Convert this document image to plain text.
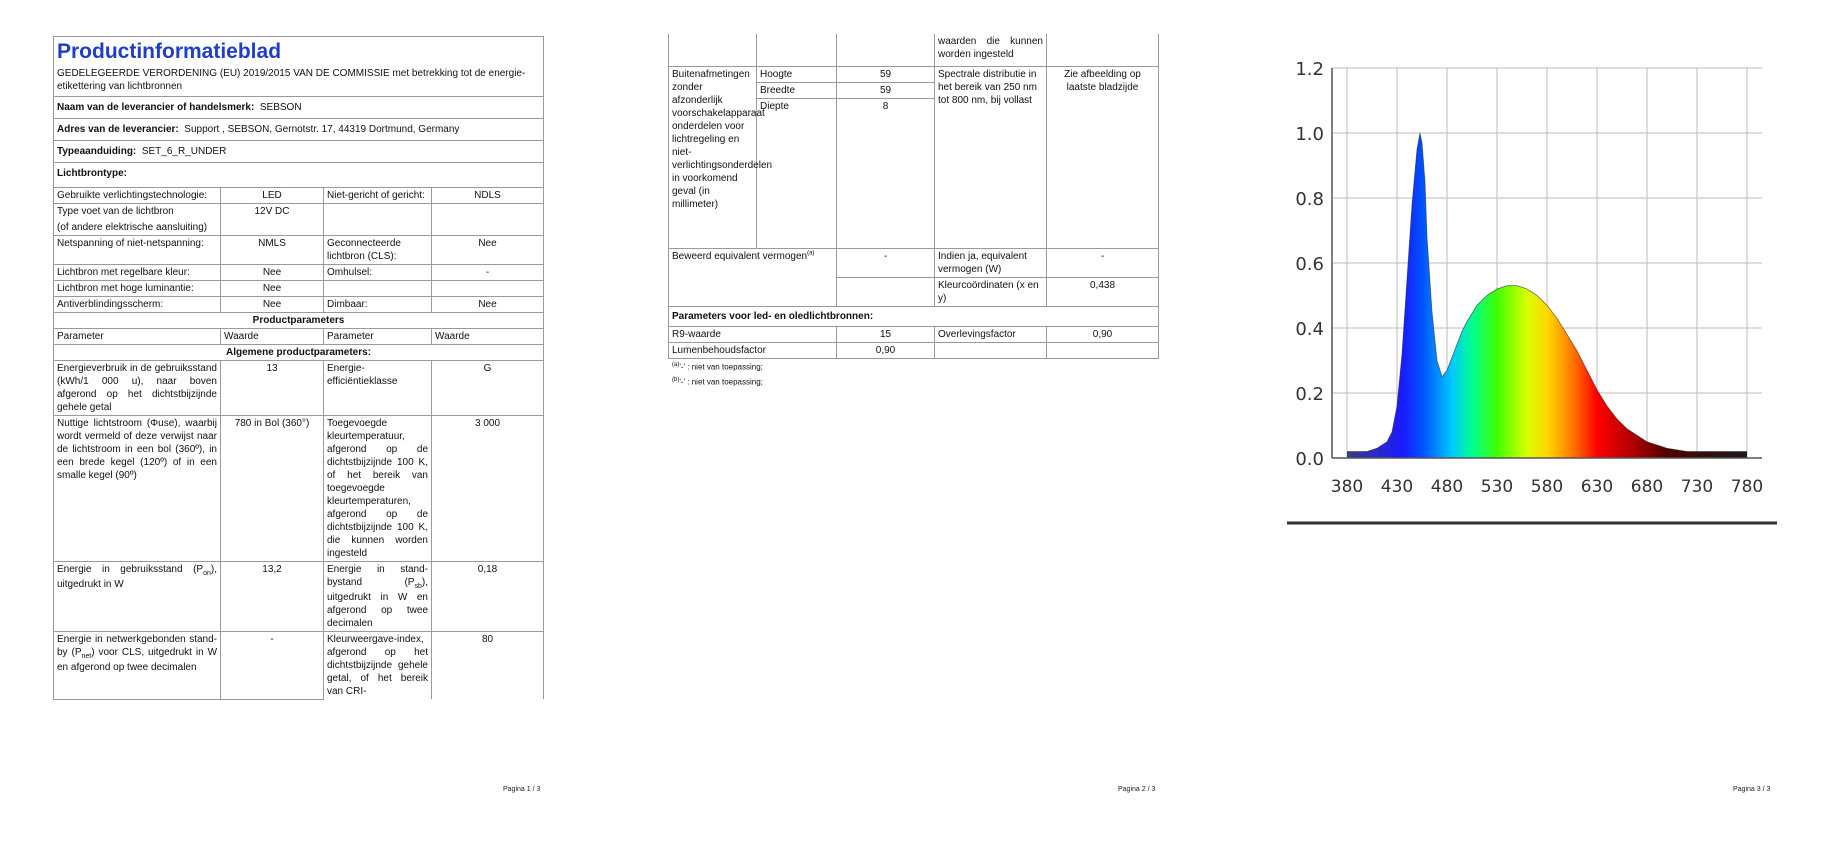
Productinformatieblad
GEDELEGEERDE VERORDENING (EU) 2019/2015 VAN DE COMMISSIE met betrekking tot de energie-etikettering van lichtbronnen			

Naam van de leverancier of handelsmerk: SEBSON			
Adres van de leverancier: Support , SEBSON, Gernotstr. 17, 44319 Dortmund, Germany			
Typeaanduiding: SET_6_R_UNDER			
Lichtbrontype:			
Gebruikte verlichtingstechnologie:	LED	Niet-gericht of gericht:	NDLS

Type voet van de lichtbron
(of andere elektrische aansluiting)	12V DC		
Netspanning of niet-netspanning:	NMLS	Geconnecteerde lichtbron (CLS):	Nee
Lichtbron met regelbare kleur:	Nee	Omhulsel:	-
Lichtbron met hoge luminantie:	Nee		
Antiverblindingsscherm:	Nee	Dimbaar:	Nee
Productparameters			
Parameter	Waarde	Parameter	Waarde
Algemene productparameters:			
Energieverbruik in de gebruiksstand (kWh/1 000 u), naar boven afgerond op het dichtstbijzijnde gehele getal	13	Energie-efficiëntieklasse	G
Nuttige lichtstroom (Φuse), waarbij wordt vermeld of deze verwijst naar de lichtstroom in een bol (360º), in een brede kegel (120º) of in een smalle kegel (90º)	780 in Bol (360°)	Toegevoegde kleurtemperatuur, afgerond op de dichtstbijzijnde 100 K, of het bereik van toegevoegde kleurtemperaturen, afgerond op de dichtstbijzijnde 100 K, die kunnen worden ingesteld	3 000
Energie in gebruiksstand $(P_{on})$, uitgedrukt in W	13,2	Energie in stand-bystand $(P_{sb})$, uitgedrukt in W en afgerond op twee decimalen	0,18
Energie in netwerkgebonden stand-by $(P_{net})$ voor CLS, uitgedrukt in W en afgerond op twee decimalen	-	Kleurweergave-index, afgerond op het dichtstbijzijnde gehele getal, of het bereik van CRI-	80
Pagina 1 / 3
			waarden die kunnen worden ingesteld	
Buitenafmetingen zonder afzonderlijk voorschakelapparaat onderdelen voor lichtregeling en niet-verlichtingsonderdelen in voorkomend geval (in millimeter)	Hoogte	59	Spectrale distributie in het bereik van 250 nm tot 800 nm, bij vollast	Zie afbeelding op laatste bladzijde
	Breedte	59		
	Diepte	8		
Beweerd equivalent vermogen$^{(a)}$		-	Indien ja, equivalent vermogen (W)	-
			Kleurcoördinaten (x en y)	0,438
Parameters voor led- en oledlichtbronnen:				
R9-waarde		15	Overlevingsfactor	0,90
Lumenbehoudsfactor		0,90		
$^{(a)}$'-' : niet van toepassing;
$^{(b)}$'-' : niet van toepassing;
Pagina 2 / 3
0.0
0.2
0.4
0.6
0.8
1.0
1.2
380 430 480 530 580 630 680 730 780
Pagina 3 / 3
